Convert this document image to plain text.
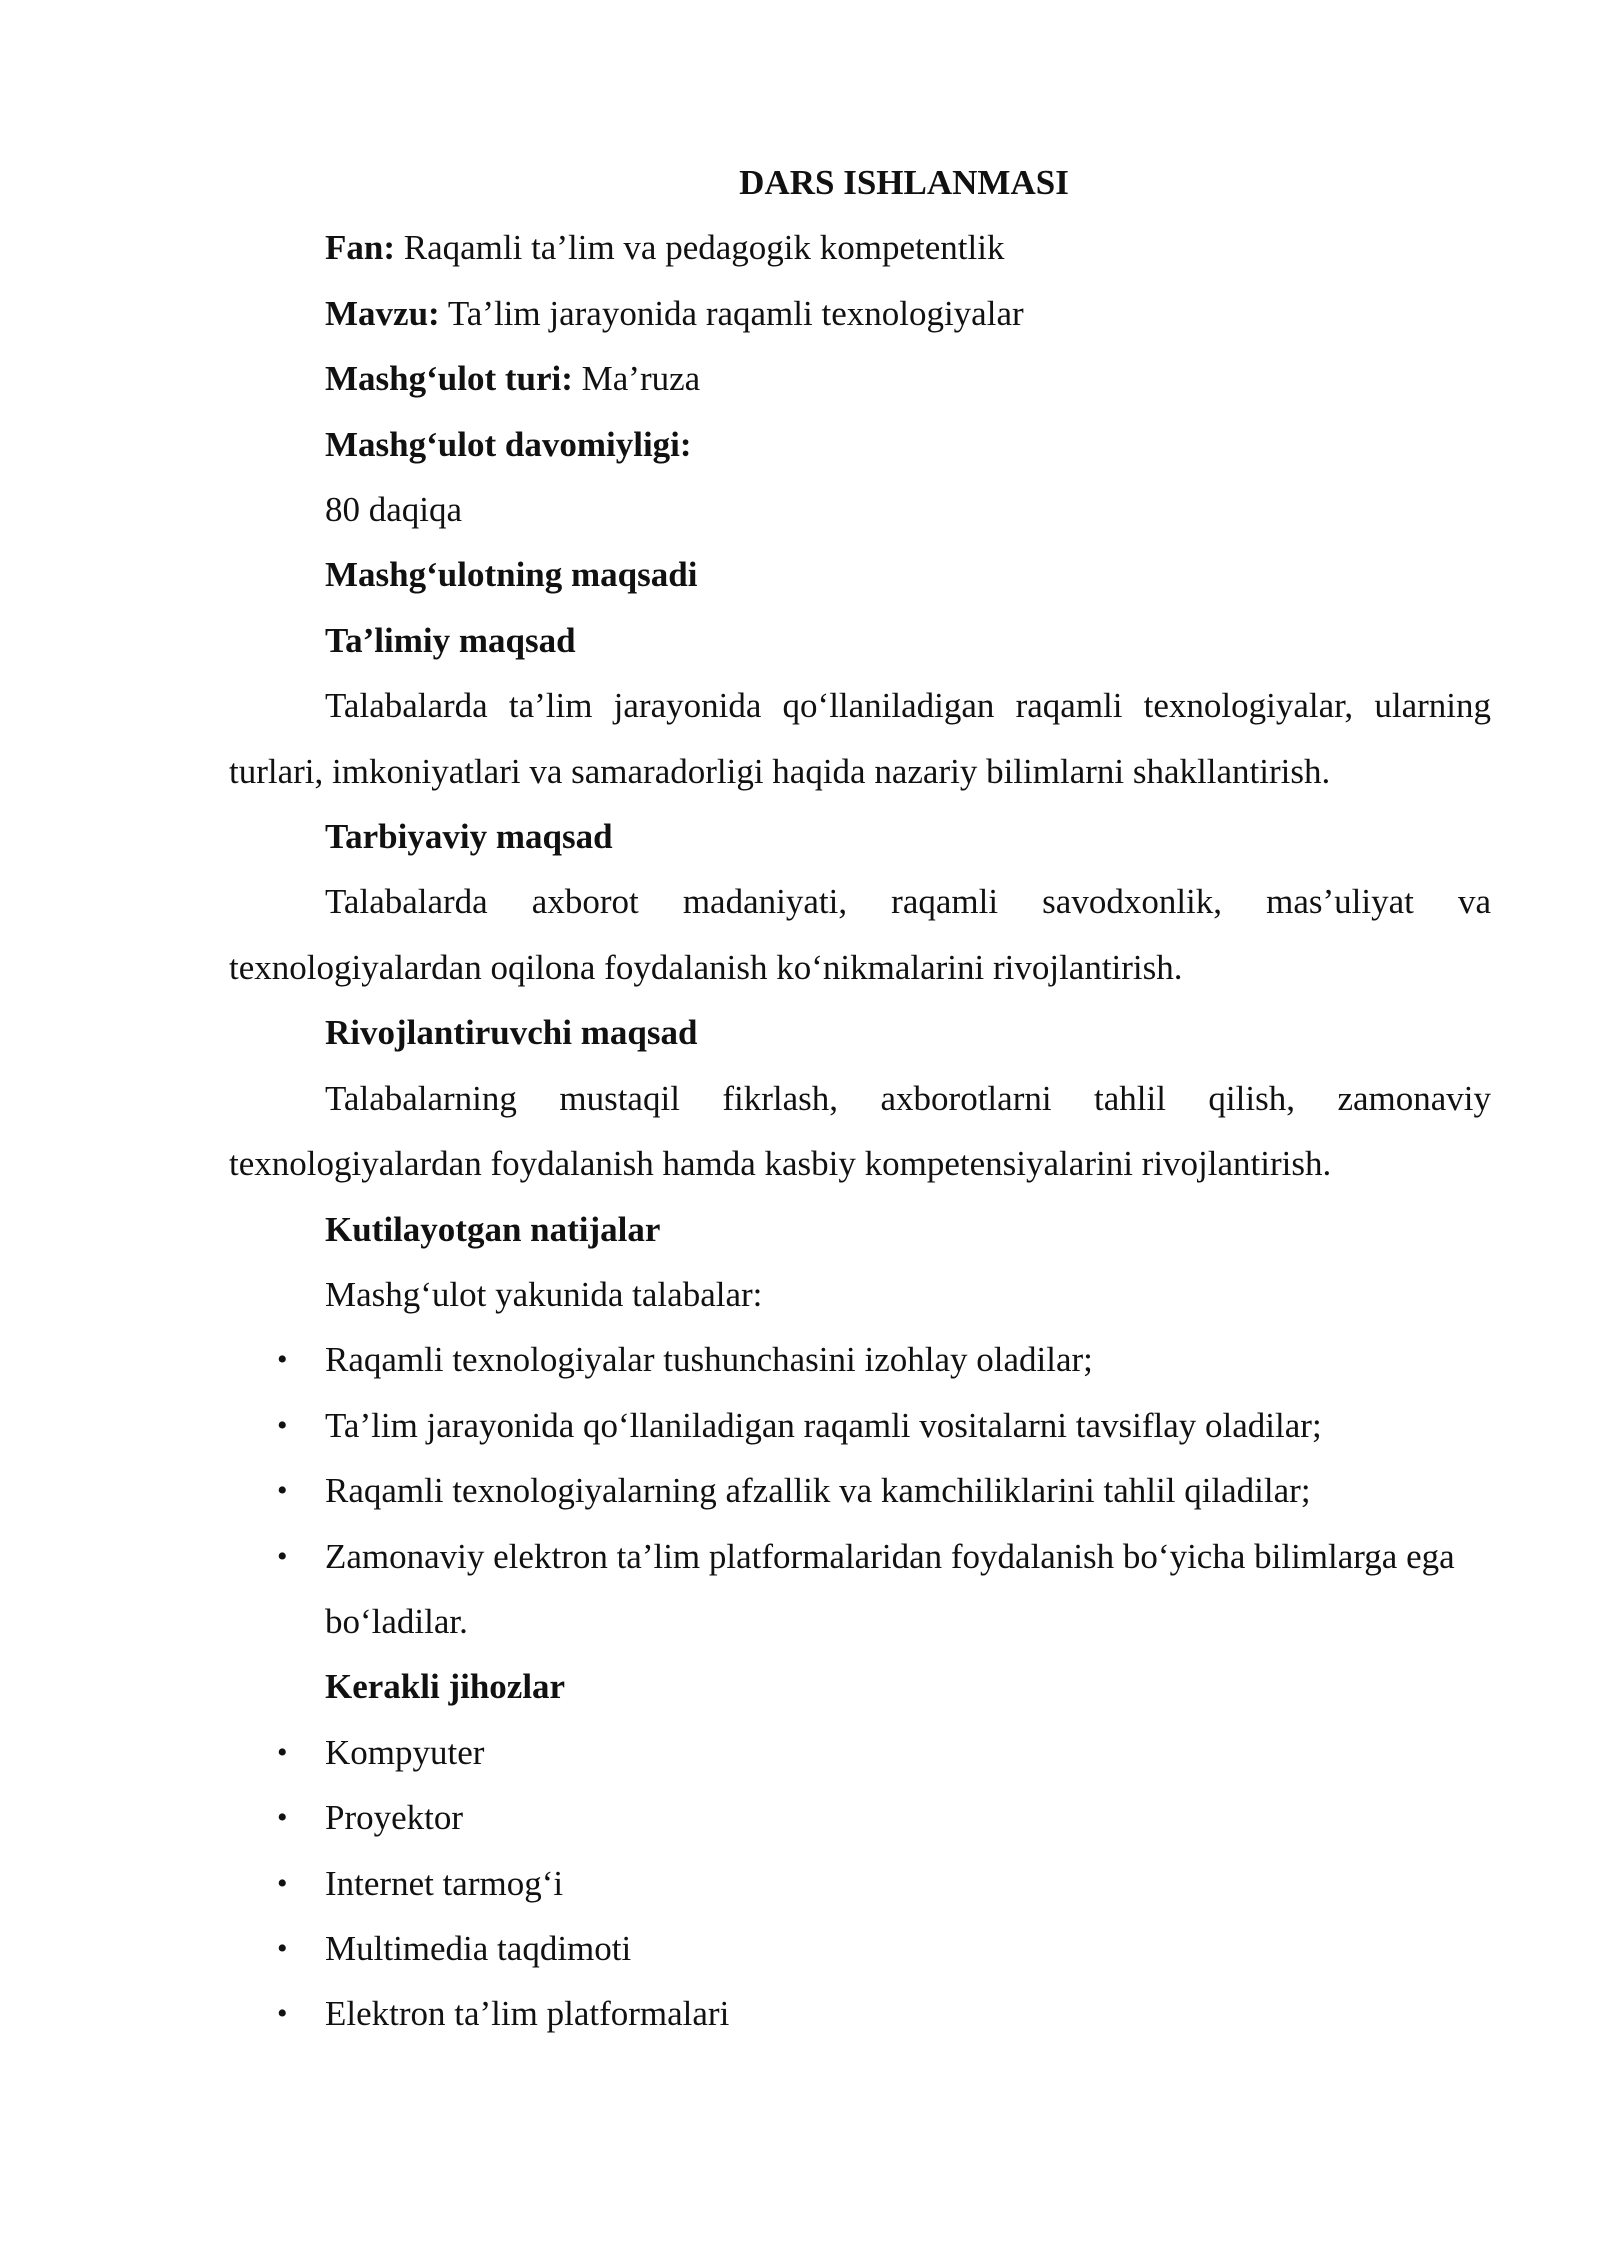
DARS ISHLANMASI

Fan: Raqamli ta’lim va pedagogik kompetentlik

Mavzu: Ta’lim jarayonida raqamli texnologiyalar

Mashg‘ulot turi: Ma’ruza

Mashg‘ulot davomiyligi:

80 daqiqa

Mashg‘ulotning maqsadi

Ta’limiy maqsad

Talabalarda ta’lim jarayonida qo‘llaniladigan raqamli texnologiyalar, ularning turlari, imkoniyatlari va samaradorligi haqida nazariy bilimlarni shakllantirish.

Tarbiyaviy maqsad

Talabalarda axborot madaniyati, raqamli savodxonlik, mas’uliyat va texnologiyalardan oqilona foydalanish ko‘nikmalarini rivojlantirish.

Rivojlantiruvchi maqsad

Talabalarning mustaqil fikrlash, axborotlarni tahlil qilish, zamonaviy texnologiyalardan foydalanish hamda kasbiy kompetensiyalarini rivojlantirish.

Kutilayotgan natijalar

Mashg‘ulot yakunida talabalar:

• Raqamli texnologiyalar tushunchasini izohlay oladilar;
• Ta’lim jarayonida qo‘llaniladigan raqamli vositalarni tavsiflay oladilar;
• Raqamli texnologiyalarning afzallik va kamchiliklarini tahlil qiladilar;
• Zamonaviy elektron ta’lim platformalaridan foydalanish bo‘yicha bilimlarga ega bo‘ladilar.

Kerakli jihozlar

• Kompyuter
• Proyektor
• Internet tarmog‘i
• Multimedia taqdimoti
• Elektron ta’lim platformalari
